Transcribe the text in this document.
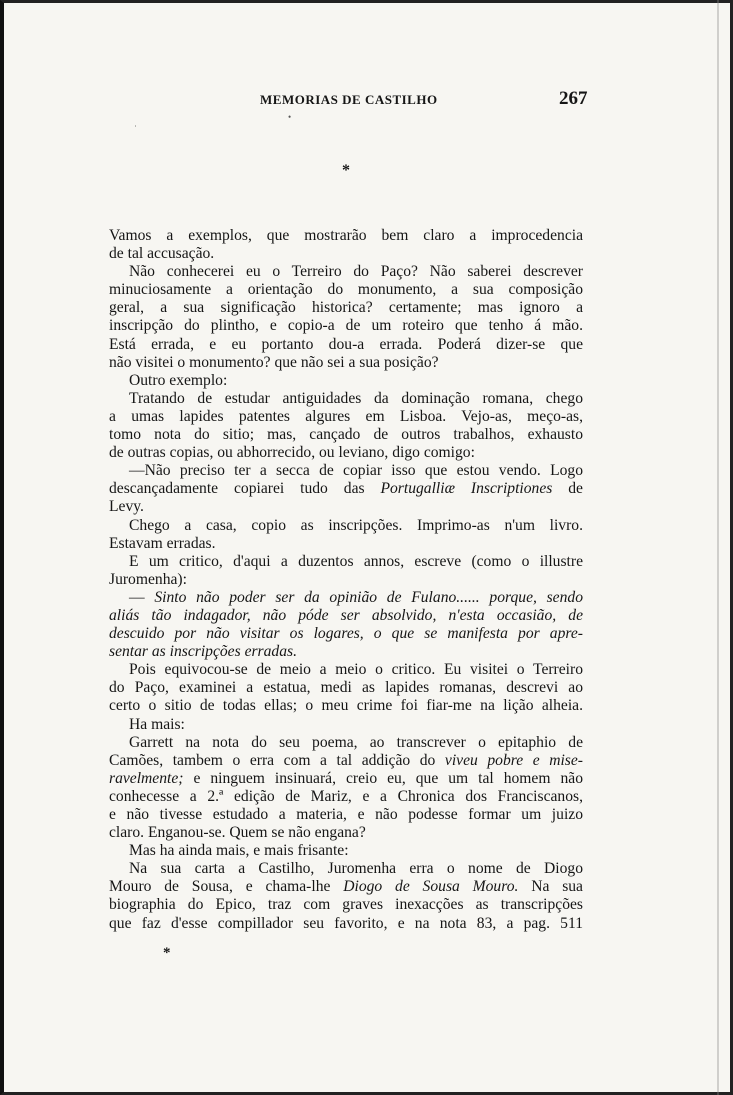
MEMORIAS DE CASTILHO	267
˙
•
*
Vamos a exemplos, que mostrarão bem claro a improcedencia
de tal accusação.
Não conhecerei eu o Terreiro do Paço? Não saberei descrever
minuciosamente a orientação do monumento, a sua composição
geral, a sua significação historica? certamente; mas ignoro a
inscripção do plintho, e copio-a de um roteiro que tenho á mão.
Está errada, e eu portanto dou-a errada. Poderá dizer-se que
não visitei o monumento? que não sei a sua posição?
Outro exemplo:
Tratando de estudar antiguidades da dominação romana, chego
a umas lapides patentes algures em Lisboa. Vejo-as, meço-as,
tomo nota do sitio; mas, cançado de outros trabalhos, exhausto
de outras copias, ou abhorrecido, ou leviano, digo comigo:
—Não preciso ter a secca de copiar isso que estou vendo. Logo
descançadamente copiarei tudo das Portugalliæ Inscriptiones de
Levy.
Chego a casa, copio as inscripções. Imprimo-as n'um livro.
Estavam erradas.
E um critico, d'aqui a duzentos annos, escreve (como o illustre
Juromenha):
— Sinto não poder ser da opinião de Fulano...... porque, sendo
aliás tão indagador, não póde ser absolvido, n'esta occasião, de
descuido por não visitar os logares, o que se manifesta por apre-
sentar as inscripções erradas.
Pois equivocou-se de meio a meio o critico. Eu visitei o Terreiro
do Paço, examinei a estatua, medi as lapides romanas, descrevi ao
certo o sitio de todas ellas; o meu crime foi fiar-me na lição alheia.
Ha mais:
Garrett na nota do seu poema, ao transcrever o epitaphio de
Camões, tambem o erra com a tal addição do viveu pobre e mise-
ravelmente; e ninguem insinuará, creio eu, que um tal homem não
conhecesse a 2.ª edição de Mariz, e a Chronica dos Franciscanos,
e não tivesse estudado a materia, e não podesse formar um juizo
claro. Enganou-se. Quem se não engana?
Mas ha ainda mais, e mais frisante:
Na sua carta a Castilho, Juromenha erra o nome de Diogo
Mouro de Sousa, e chama-lhe Diogo de Sousa Mouro. Na sua
biographia do Epico, traz com graves inexacções as transcripções
que faz d'esse compillador seu favorito, e na nota 83, a pag. 511
*
